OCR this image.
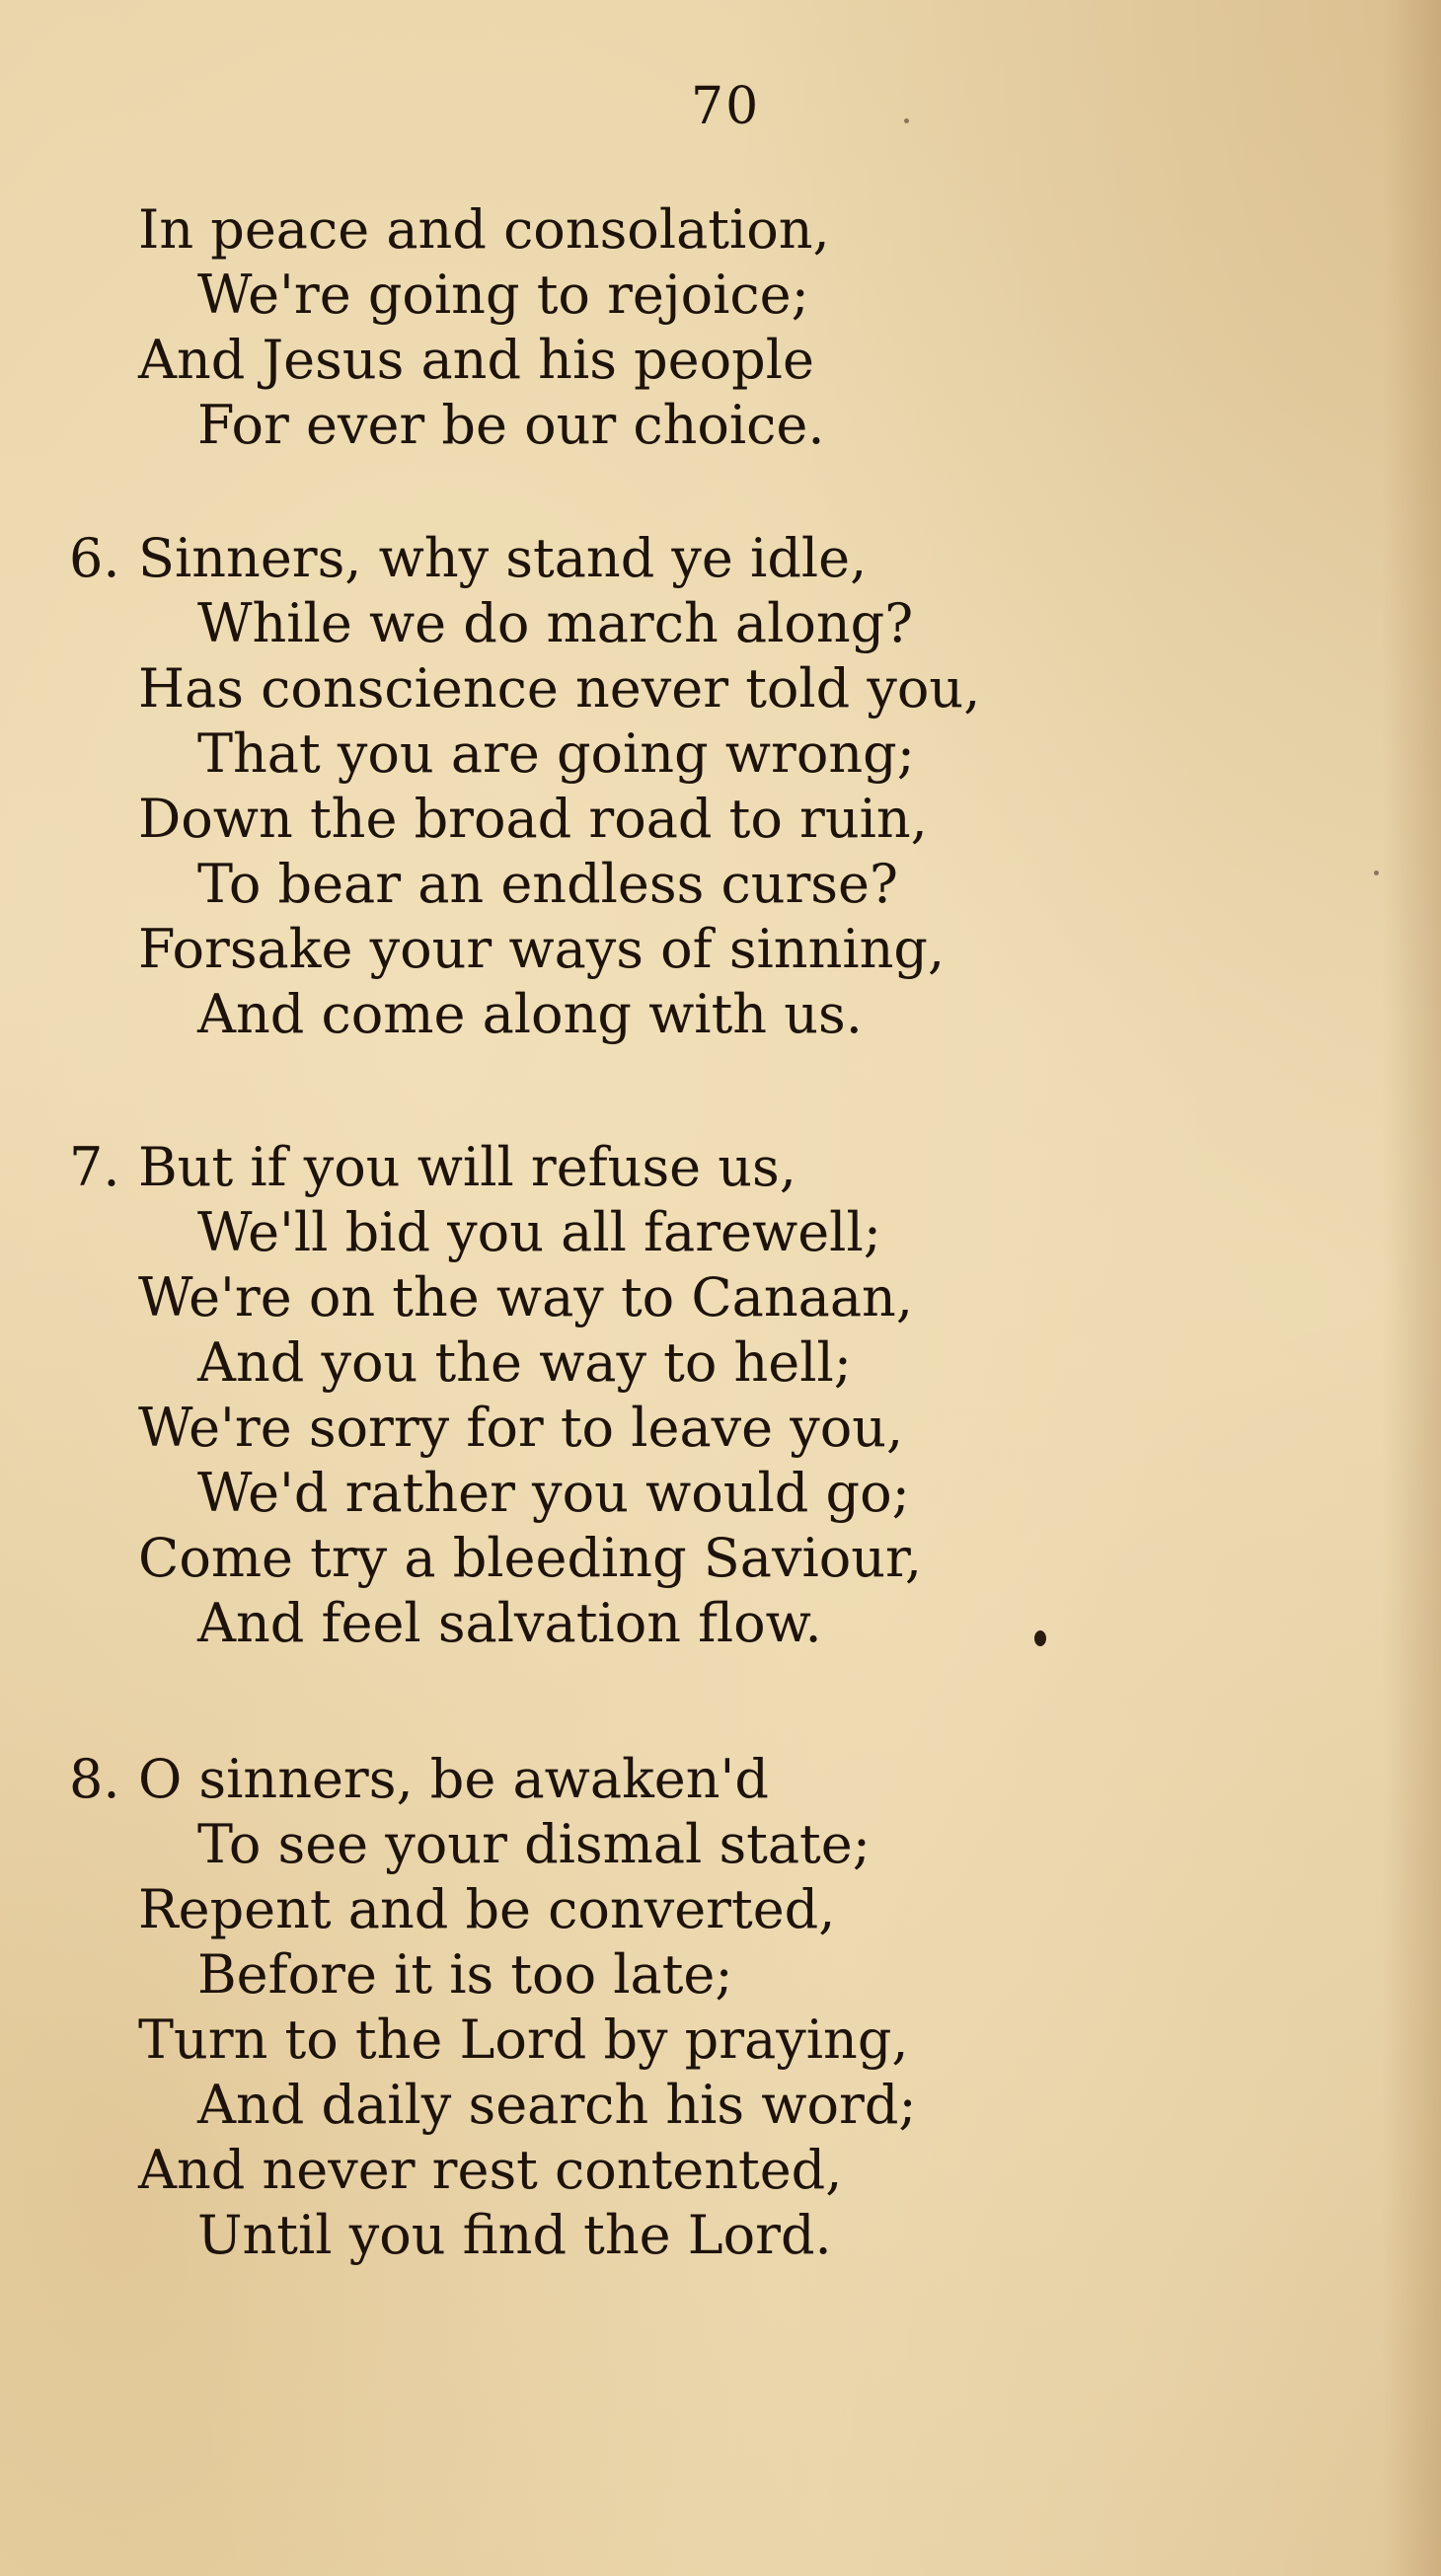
70
In peace and consolation,
We're going to rejoice;
And Jesus and his people
For ever be our choice.
6. Sinners, why stand ye idle,
While we do march along?
Has conscience never told you,
That you are going wrong;
Down the broad road to ruin,
To bear an endless curse?
Forsake your ways of sinning,
And come along with us.
7. But if you will refuse us,
We'll bid you all farewell;
We're on the way to Canaan,
And you the way to hell;
We're sorry for to leave you,
We'd rather you would go;
Come try a bleeding Saviour,
And feel salvation flow.
8. O sinners, be awaken'd
To see your dismal state;
Repent and be converted,
Before it is too late;
Turn to the Lord by praying,
And daily search his word;
And never rest contented,
Until you find the Lord.
